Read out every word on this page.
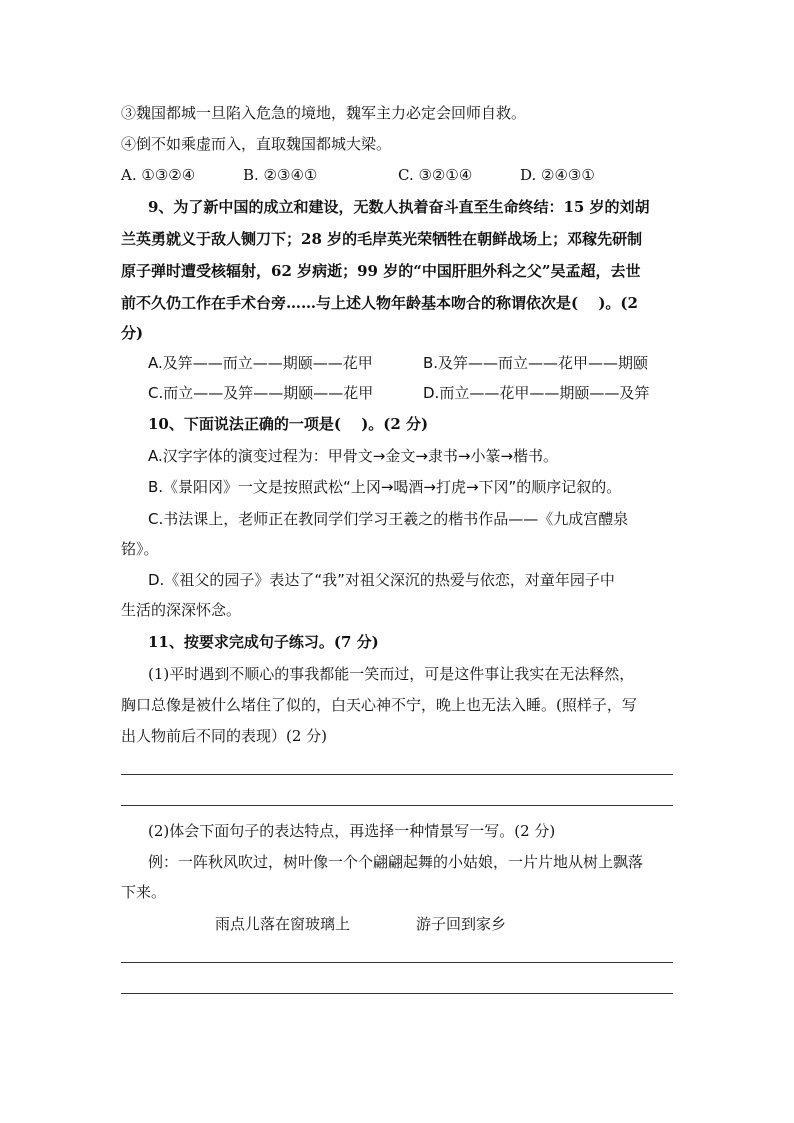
③魏国都城一旦陷入危急的境地，魏军主力必定会回师自救。
④倒不如乘虚而入，直取魏国都城大梁。
A. ①③②④	B. ②③④①	C. ③②①④	D. ②④③①
9、为了新中国的成立和建设，无数人执着奋斗直至生命终结：15 岁的刘胡
兰英勇就义于敌人铡刀下；28 岁的毛岸英光荣牺牲在朝鲜战场上；邓稼先研制
原子弹时遭受核辐射，62 岁病逝；99 岁的“中国肝胆外科之父”吴孟超，去世
前不久仍工作在手术台旁……与上述人物年龄基本吻合的称谓依次是(　 )。(2
分)
A.及笄——而立——期颐——花甲	B.及笄——而立——花甲——期颐
C.而立——及笄——期颐——花甲	D.而立——花甲——期颐——及笄
10、下面说法正确的一项是(　 )。(2 分)
A.汉字字体的演变过程为：甲骨文→金文→隶书→小篆→楷书。
B.《景阳冈》一文是按照武松“上冈→喝酒→打虎→下冈”的顺序记叙的。
C.书法课上，老师正在教同学们学习王羲之的楷书作品——《九成宫醴泉
铭》。
D.《祖父的园子》表达了“我”对祖父深沉的热爱与依恋，对童年园子中
生活的深深怀念。
11、按要求完成句子练习。(7 分)
(1)平时遇到不顺心的事我都能一笑而过，可是这件事让我实在无法释然，
胸口总像是被什么堵住了似的，白天心神不宁，晚上也无法入睡。(照样子，写
出人物前后不同的表现）(2 分)
(2)体会下面句子的表达特点，再选择一种情景写一写。(2 分)
例：一阵秋风吹过，树叶像一个个翩翩起舞的小姑娘，一片片地从树上飘落
下来。
雨点儿落在窗玻璃上	游子回到家乡
